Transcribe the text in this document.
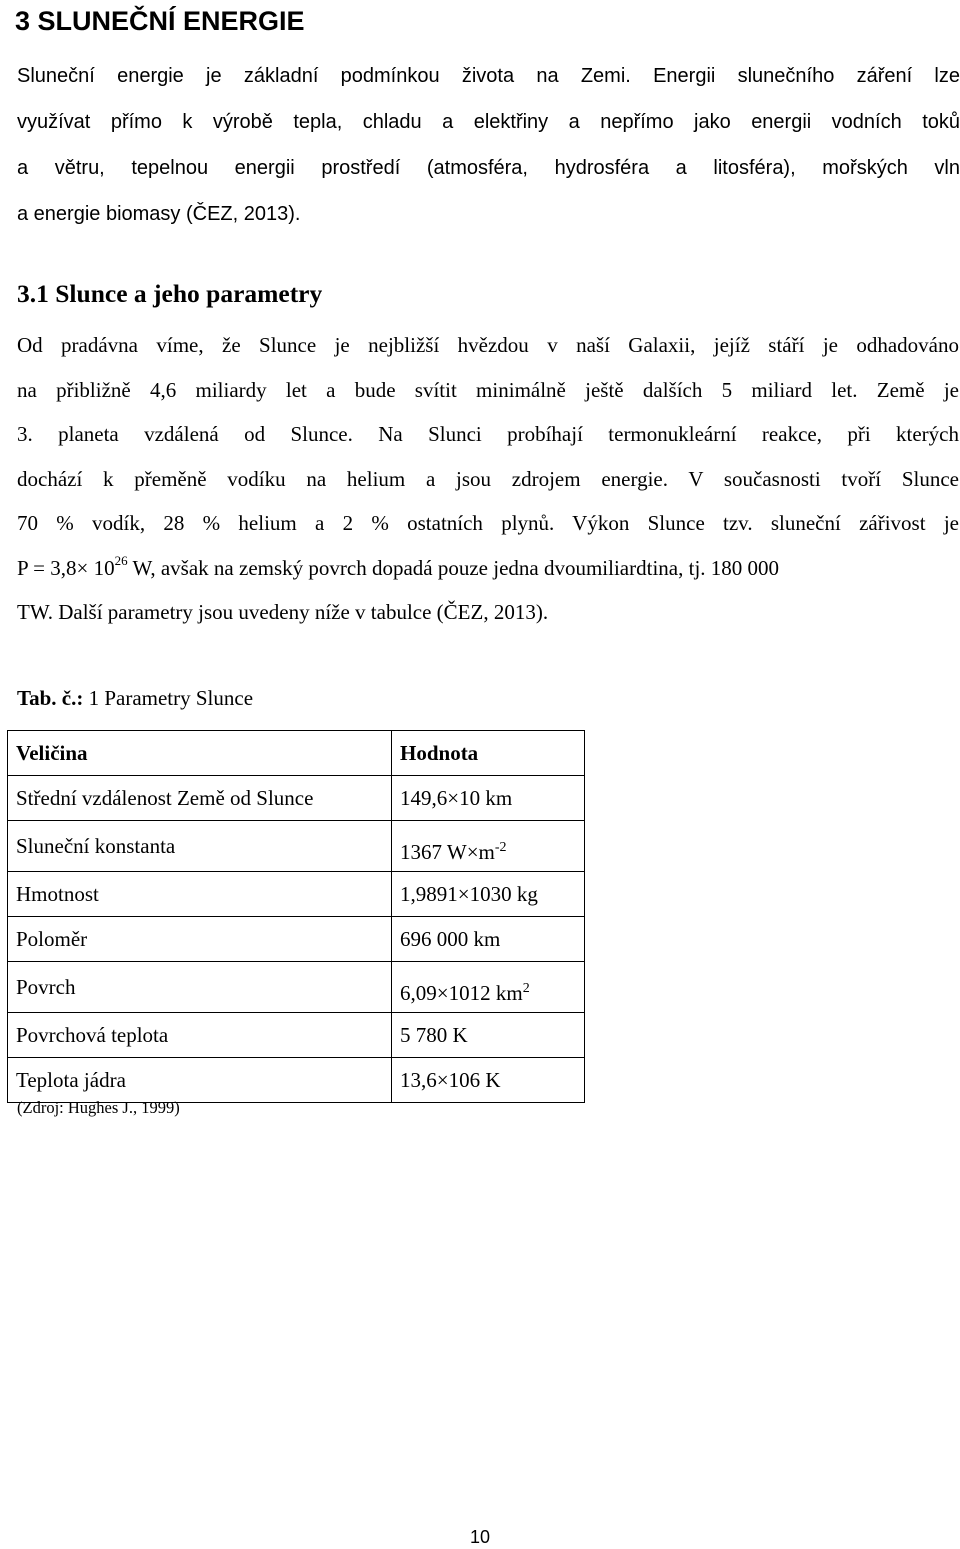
3 SLUNEČNÍ ENERGIE
Sluneční energie je základní podmínkou života na Zemi. Energii slunečního záření lze
využívat přímo k výrobě tepla, chladu a elektřiny a nepřímo jako energii vodních toků
a větru, tepelnou energii prostředí (atmosféra, hydrosféra a litosféra), mořských vln
a energie biomasy (ČEZ, 2013).
3.1 Slunce a jeho parametry
Od pradávna víme, že Slunce je nejbližší hvězdou v naší Galaxii, jejíž stáří je odhadováno
na přibližně 4,6 miliardy let a bude svítit minimálně ještě dalších 5 miliard let. Země je
3. planeta vzdálená od Slunce. Na Slunci probíhají termonukleární reakce, při kterých
dochází k přeměně vodíku na helium a jsou zdrojem energie. V současnosti tvoří Slunce
70 % vodík, 28 % helium a 2 % ostatních plynů. Výkon Slunce tzv. sluneční zářivost je
$P = 3,8\times 10^{26}$ W, avšak na zemský povrch dopadá pouze jedna dvoumiliardtina, tj. 180 000
TW. Další parametry jsou uvedeny níže v tabulce (ČEZ, 2013).
Tab. č.: 1 Parametry Slunce
Veličina	Hodnota
Střední vzdálenost Země od Slunce	149,6×10 km
Sluneční konstanta	1367 $W\times m^{-2}$
Hmotnost	1,9891×1030 kg
Poloměr	696 000 km
Povrch	6,09×1012 $km^2$
Povrchová teplota	5 780 K
Teplota jádra	13,6×106 K
(Zdroj: Hughes J., 1999)
10
